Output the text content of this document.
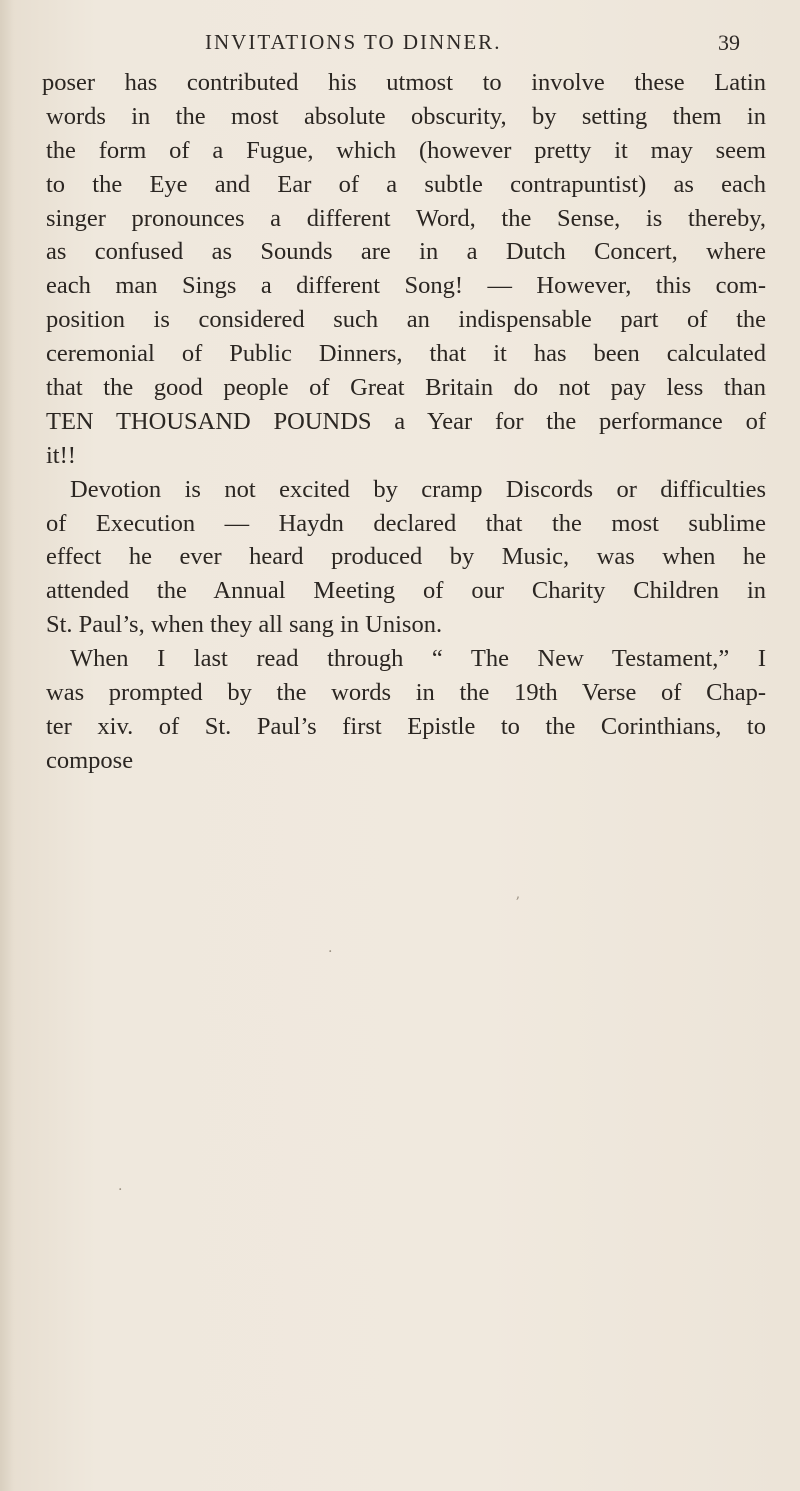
INVITATIONS TO DINNER.	39
poser has contributed his utmost to involve these Latin
words in the most absolute obscurity, by setting them in
the form of a Fugue, which (however pretty it may seem
to the Eye and Ear of a subtle contrapuntist) as each
singer pronounces a different Word, the Sense, is thereby,
as confused as Sounds are in a Dutch Concert, where
each man Sings a different Song! — However, this com-
position is considered such an indispensable part of the
ceremonial of Public Dinners, that it has been calculated
that the good people of Great Britain do not pay less than
TEN THOUSAND POUNDS a Year for the performance of
it!!
Devotion is not excited by cramp Discords or difficulties
of Execution — Haydn declared that the most sublime
effect he ever heard produced by Music, was when he
attended the Annual Meeting of our Charity Children in
St. Paul’s, when they all sang in Unison.
When I last read through “ The New Testament,” I
was prompted by the words in the 19th Verse of Chap-
ter xiv. of St. Paul’s first Epistle to the Corinthians, to
compose
ʼ
.
.
